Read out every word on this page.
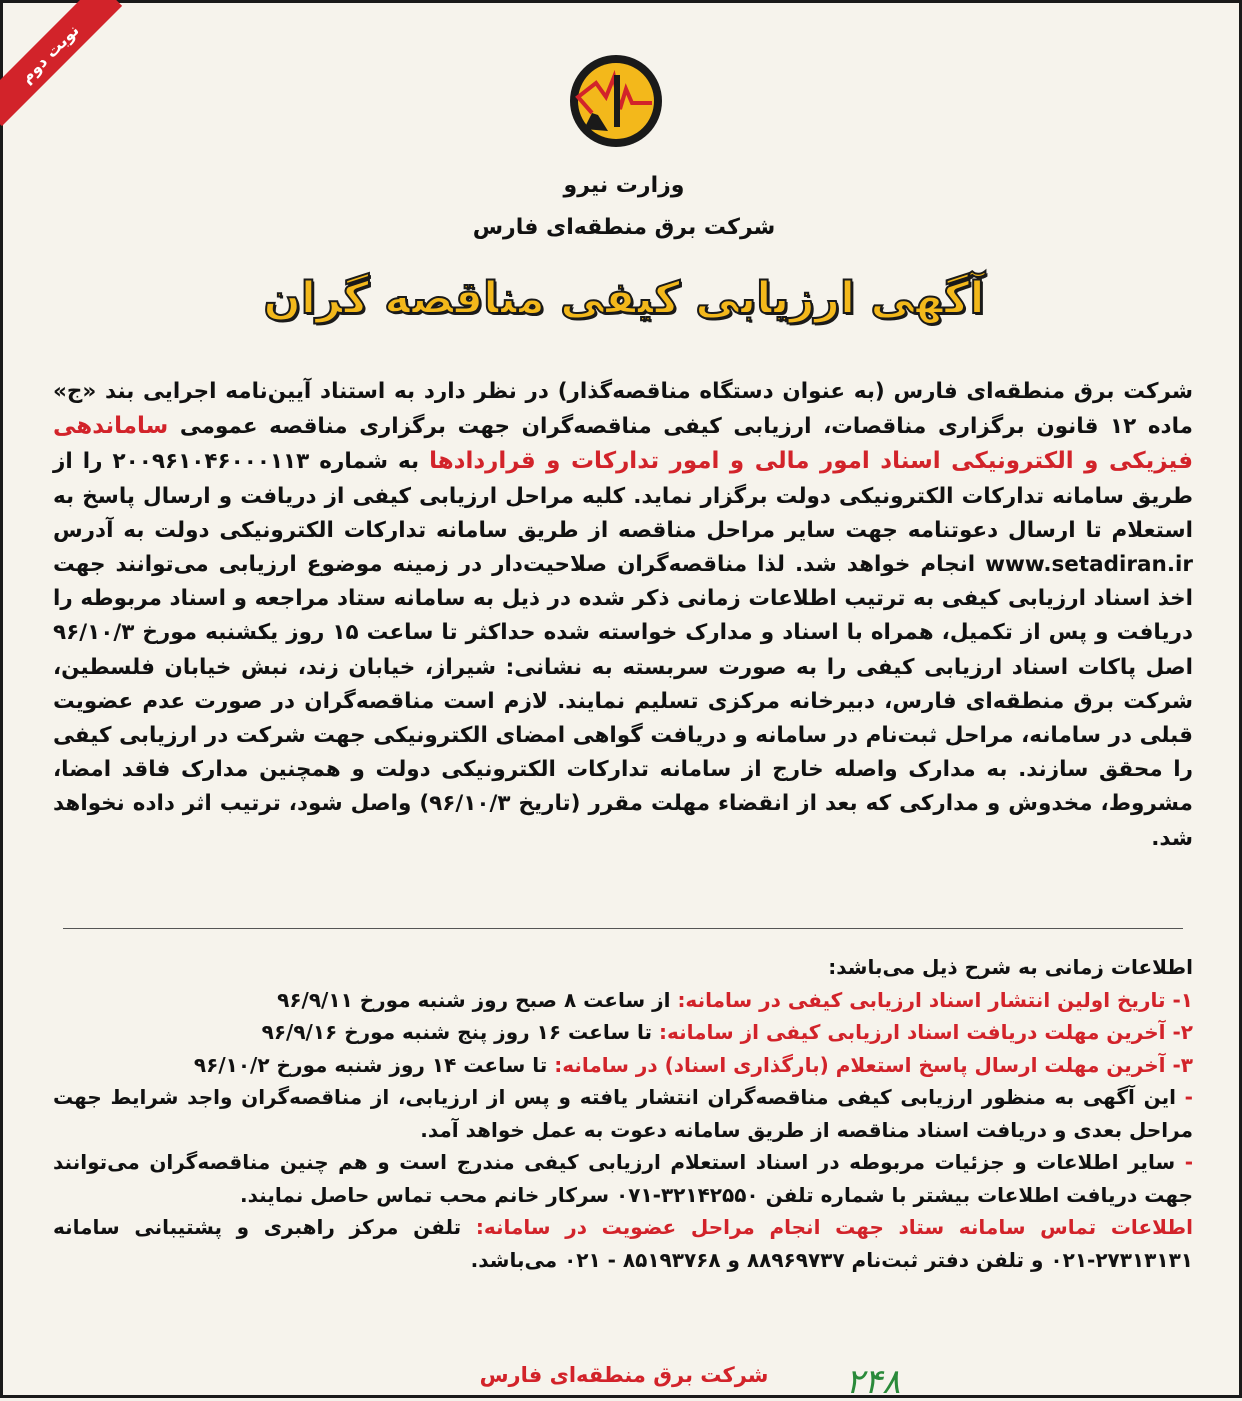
نوبت دوم
وزارت نیرو
شرکت برق منطقه‌ای فارس
آگهی ارزیابی کیفی مناقصه گران

شرکت برق منطقه‌ای فارس (به عنوان دستگاه مناقصه‌گذار) در نظر دارد به استناد آیین‌نامه اجرایی بند «ج» ماده ۱۲ قانون برگزاری مناقصات، ارزیابی کیفی مناقصه‌گران جهت برگزاری مناقصه عمومی ساماندهی فیزیکی و الکترونیکی اسناد امور مالی و امور تدارکات و قراردادها به شماره ۲۰۰۹۶۱۰۴۶۰۰۰۱۱۳ را از طریق سامانه تدارکات الکترونیکی دولت برگزار نماید. کلیه مراحل ارزیابی کیفی از دریافت و ارسال پاسخ به استعلام تا ارسال دعوتنامه جهت سایر مراحل مناقصه از طریق سامانه تدارکات الکترونیکی دولت به آدرس www.setadiran.ir انجام خواهد شد. لذا مناقصه‌گران صلاحیت‌دار در زمینه موضوع ارزیابی می‌توانند جهت اخذ اسناد ارزیابی کیفی به ترتیب اطلاعات زمانی ذکر شده در ذیل به سامانه ستاد مراجعه و اسناد مربوطه را دریافت و پس از تکمیل، همراه با اسناد و مدارک خواسته شده حداکثر تا ساعت ۱۵ روز یکشنبه مورخ ۹۶/۱۰/۳ اصل پاکات اسناد ارزیابی کیفی را به صورت سربسته به نشانی: شیراز، خیابان زند، نبش خیابان فلسطین، شرکت برق منطقه‌ای فارس، دبیرخانه مرکزی تسلیم نمایند. لازم است مناقصه‌گران در صورت عدم عضویت قبلی در سامانه، مراحل ثبت‌نام در سامانه و دریافت گواهی امضای الکترونیکی جهت شرکت در ارزیابی کیفی را محقق سازند. به مدارک واصله خارج از سامانه تدارکات الکترونیکی دولت و همچنین مدارک فاقد امضا، مشروط، مخدوش و مدارکی که بعد از انقضاء مهلت مقرر (تاریخ ۹۶/۱۰/۳) واصل شود، ترتیب اثر داده نخواهد شد.

اطلاعات زمانی به شرح ذیل می‌باشد:

۱- تاریخ اولین انتشار اسناد ارزیابی کیفی در سامانه: از ساعت ۸ صبح روز شنبه مورخ ۹۶/۹/۱۱

۲- آخرین مهلت دریافت اسناد ارزیابی کیفی از سامانه: تا ساعت ۱۶ روز پنج شنبه مورخ ۹۶/۹/۱۶

۳- آخرین مهلت ارسال پاسخ استعلام (بارگذاری اسناد) در سامانه: تا ساعت ۱۴ روز شنبه مورخ ۹۶/۱۰/۲

- این آگهی به منظور ارزیابی کیفی مناقصه‌گران انتشار یافته و پس از ارزیابی، از مناقصه‌گران واجد شرایط جهت مراحل بعدی و دریافت اسناد مناقصه از طریق سامانه دعوت به عمل خواهد آمد.

- سایر اطلاعات و جزئیات مربوطه در اسناد استعلام ارزیابی کیفی مندرج است و هم چنین مناقصه‌گران می‌توانند جهت دریافت اطلاعات بیشتر با شماره تلفن ۳۲۱۴۲۵۵۰-۰۷۱ سرکار خانم محب تماس حاصل نمایند.

اطلاعات تماس سامانه ستاد جهت انجام مراحل عضویت در سامانه: تلفن مرکز راهبری و پشتیبانی سامانه ۲۷۳۱۳۱۳۱-۰۲۱ و تلفن دفتر ثبت‌نام ۸۸۹۶۹۷۳۷ و ۸۵۱۹۳۷۶۸ - ۰۲۱ می‌باشد.

۲۴۸
شرکت برق منطقه‌ای فارس
